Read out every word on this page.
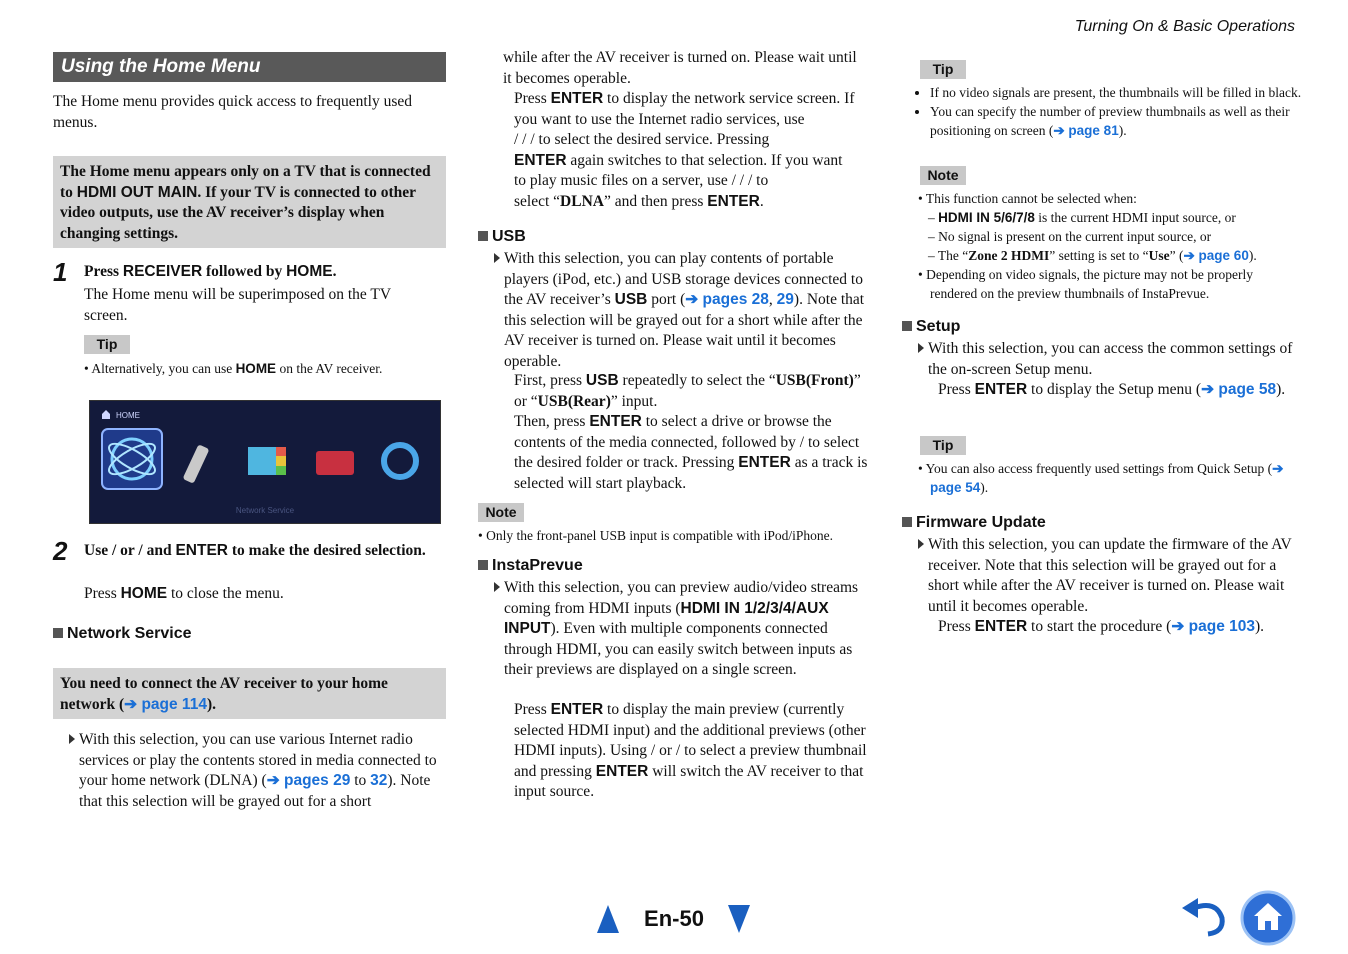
Turning On & Basic Operations
Using the Home Menu

The Home menu provides quick access to frequently used menus.

The Home menu appears only on a TV that is connected to HDMI OUT MAIN. If your TV is connected to other video outputs, use the AV receiver’s display when changing settings.
1 Press RECEIVER followed by HOME.

The Home menu will be superimposed on the TV screen.

Tip

• Alternatively, you can use HOME on the AV receiver.

HOME
Network Service
2 Use / or / and ENTER to make the desired selection.

Press HOME to close the menu.

Network Service
You need to connect the AV receiver to your home network (➔ page 114).

With this selection, you can use various Internet radio services or play the contents stored in media connected to your home network (DLNA) (➔ pages 29 to 32). Note that this selection will be grayed out for a short

while after the AV receiver is turned on. Please wait until it becomes operable.

Press ENTER to display the network service screen. If you want to use the Internet radio services, use
/ / / to select the desired service. Pressing
ENTER again switches to that selection. If you want
to play music files on a server, use / / / to
select “DLNA” and then press ENTER.

USB

With this selection, you can play contents of portable players (iPod, etc.) and USB storage devices connected to the AV receiver’s USB port (➔ pages 28, 29). Note that this selection will be grayed out for a short while after the AV receiver is turned on. Please wait until it becomes operable.

First, press USB repeatedly to select the “USB(Front)” or “USB(Rear)” input.

Then, press ENTER to select a drive or browse the contents of the media connected, followed by / to select the desired folder or track. Pressing ENTER as a track is selected will start playback.

Note

• Only the front-panel USB input is compatible with iPod/iPhone.

InstaPrevue

With this selection, you can preview audio/video streams coming from HDMI inputs (HDMI IN 1/2/3/4/AUX INPUT). Even with multiple components connected through HDMI, you can easily switch between inputs as their previews are displayed on a single screen.

Press ENTER to display the main preview (currently selected HDMI input) and the additional previews (other HDMI inputs). Using / or / to select a preview thumbnail and pressing ENTER will switch the AV receiver to that input source.

Tip
• If no video signals are present, the thumbnails will be filled in black.
• You can specify the number of preview thumbnails as well as their positioning on screen (➔ page 81).
Note

• This function cannot be selected when:

– HDMI IN 5/6/7/8 is the current HDMI input source, or

– No signal is present on the current input source, or

– The “Zone 2 HDMI” setting is set to “Use” (➔ page 60).

• Depending on video signals, the picture may not be properly rendered on the preview thumbnails of InstaPrevue.

Setup

With this selection, you can access the common settings of the on-screen Setup menu.

Press ENTER to display the Setup menu (➔ page 58).

Tip

• You can also access frequently used settings from Quick Setup (➔ page 54).

Firmware Update

With this selection, you can update the firmware of the AV receiver. Note that this selection will be grayed out for a short while after the AV receiver is turned on. Please wait until it becomes operable.

Press ENTER to start the procedure (➔ page 103).

En-50
